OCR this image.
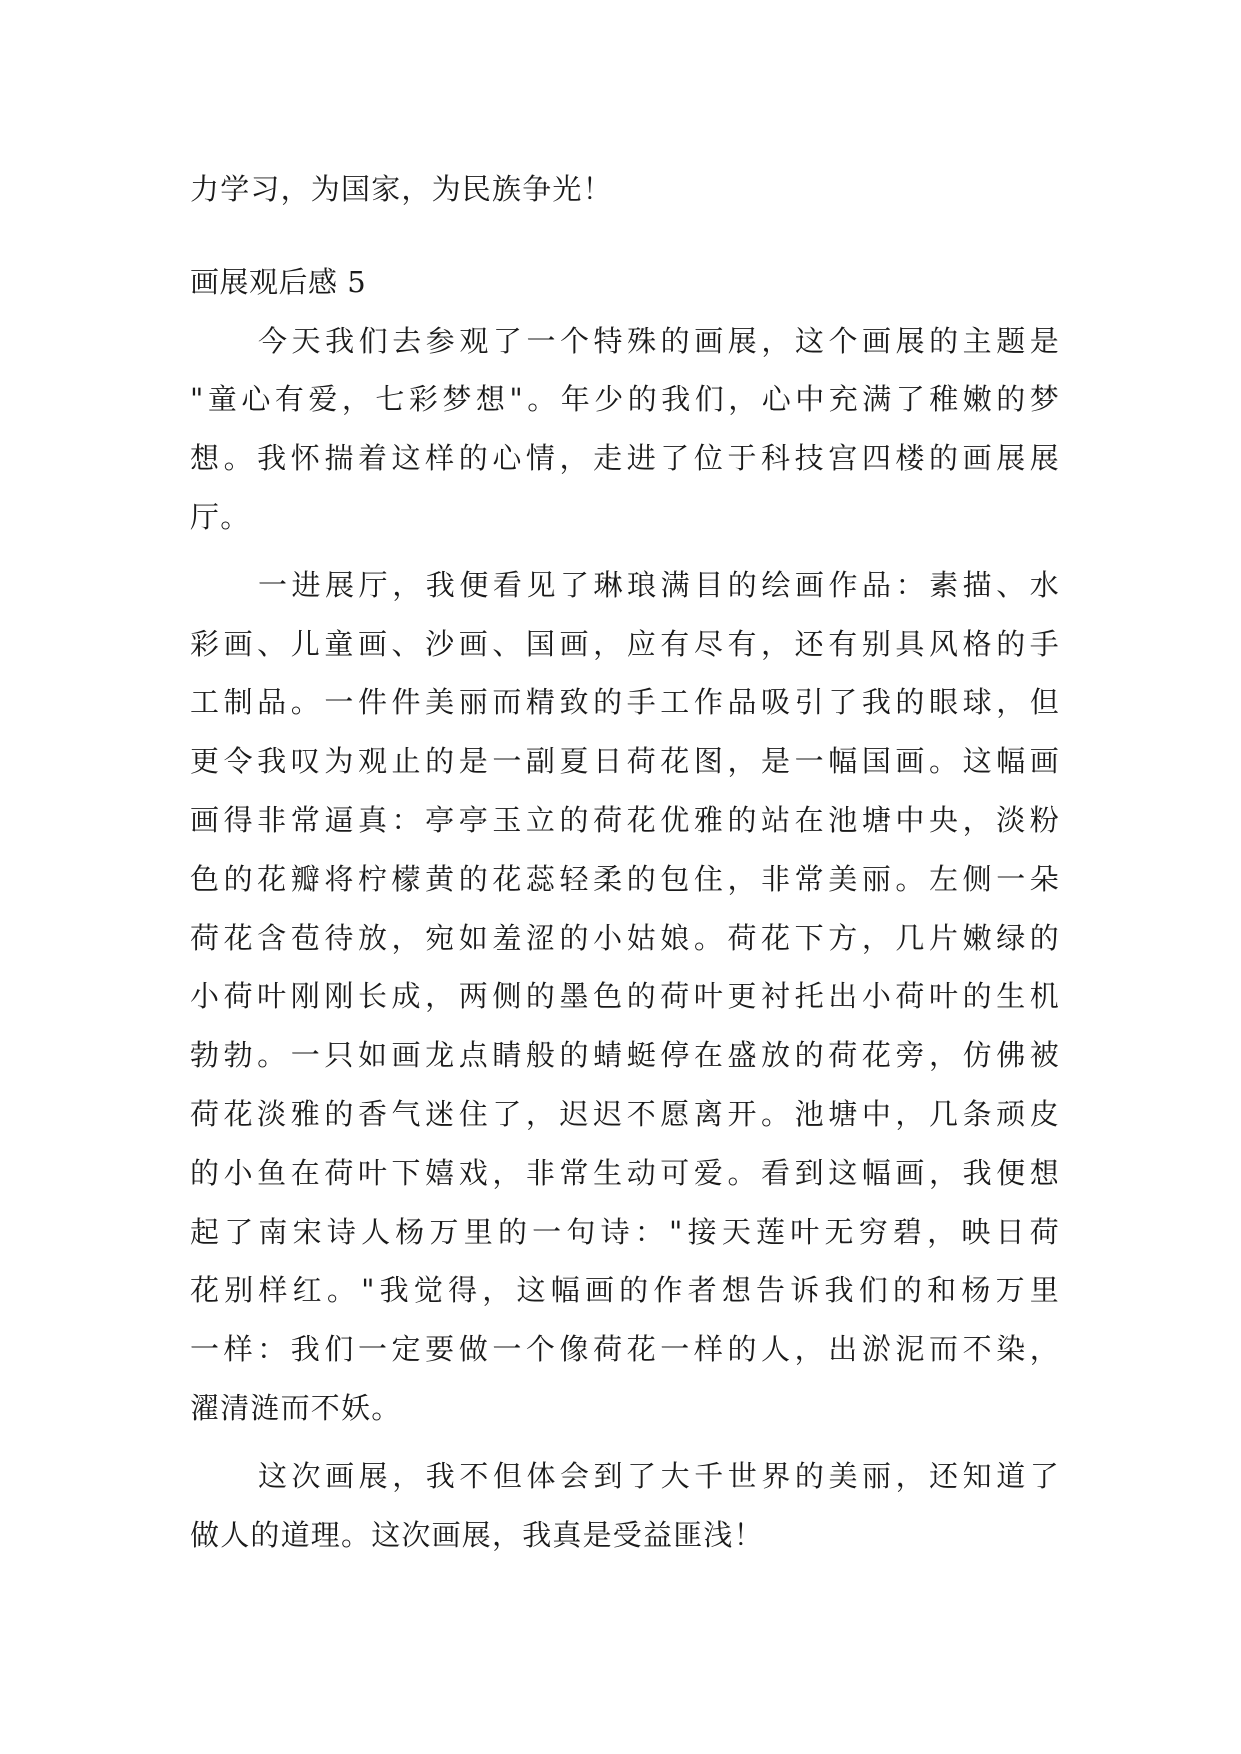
力学习，为国家，为民族争光！
画展观后感 5
今天我们去参观了一个特殊的画展，这个画展的主题是
"童心有爱，七彩梦想"。年少的我们，心中充满了稚嫩的梦
想。我怀揣着这样的心情，走进了位于科技宫四楼的画展展
厅。
一进展厅，我便看见了琳琅满目的绘画作品：素描、水
彩画、儿童画、沙画、国画，应有尽有，还有别具风格的手
工制品。一件件美丽而精致的手工作品吸引了我的眼球，但
更令我叹为观止的是一副夏日荷花图，是一幅国画。这幅画
画得非常逼真：亭亭玉立的荷花优雅的站在池塘中央，淡粉
色的花瓣将柠檬黄的花蕊轻柔的包住，非常美丽。左侧一朵
荷花含苞待放，宛如羞涩的小姑娘。荷花下方，几片嫩绿的
小荷叶刚刚长成，两侧的墨色的荷叶更衬托出小荷叶的生机
勃勃。一只如画龙点睛般的蜻蜓停在盛放的荷花旁，仿佛被
荷花淡雅的香气迷住了，迟迟不愿离开。池塘中，几条顽皮
的小鱼在荷叶下嬉戏，非常生动可爱。看到这幅画，我便想
起了南宋诗人杨万里的一句诗："接天莲叶无穷碧，映日荷
花别样红。"我觉得，这幅画的作者想告诉我们的和杨万里
一样：我们一定要做一个像荷花一样的人，出淤泥而不染，
濯清涟而不妖。
这次画展，我不但体会到了大千世界的美丽，还知道了
做人的道理。这次画展，我真是受益匪浅！
